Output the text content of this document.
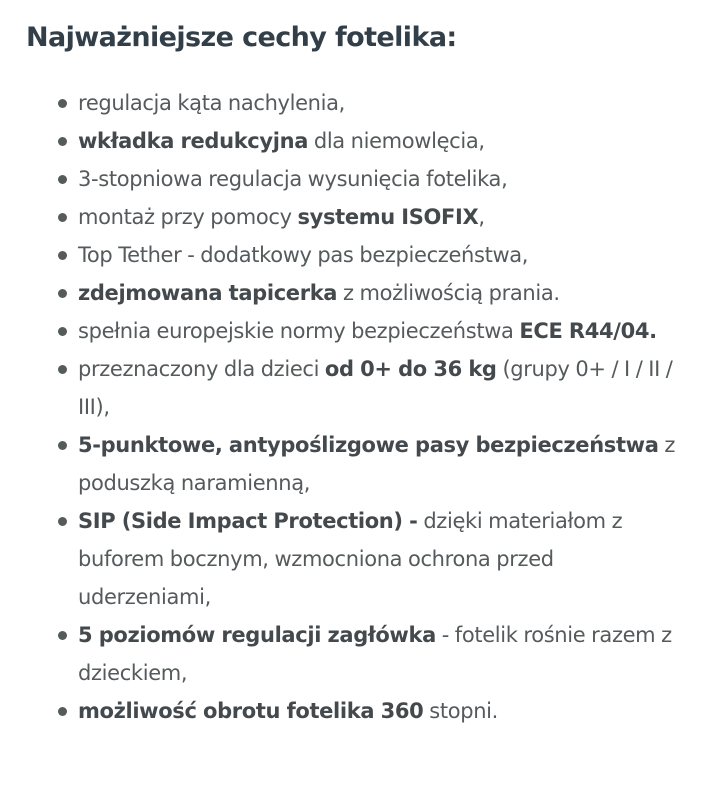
Najważniejsze cechy fotelika:
regulacja kąta nachylenia,
wkładka redukcyjna dla niemowlęcia,
3-stopniowa regulacja wysunięcia fotelika,
montaż przy pomocy systemu ISOFIX,
Top Tether - dodatkowy pas bezpieczeństwa,
zdejmowana tapicerka z możliwością prania.
spełnia europejskie normy bezpieczeństwa ECE R44/04.
przeznaczony dla dzieci od 0+ do 36 kg (grupy 0+ / I / II / III),
5-punktowe, antypoślizgowe pasy bezpieczeństwa z poduszką naramienną,
SIP (Side Impact Protection) - dzięki materiałom z buforem bocznym, wzmocniona ochrona przed uderzeniami,
5 poziomów regulacji zagłówka - fotelik rośnie razem z dzieckiem,
możliwość obrotu fotelika 360 stopni.
